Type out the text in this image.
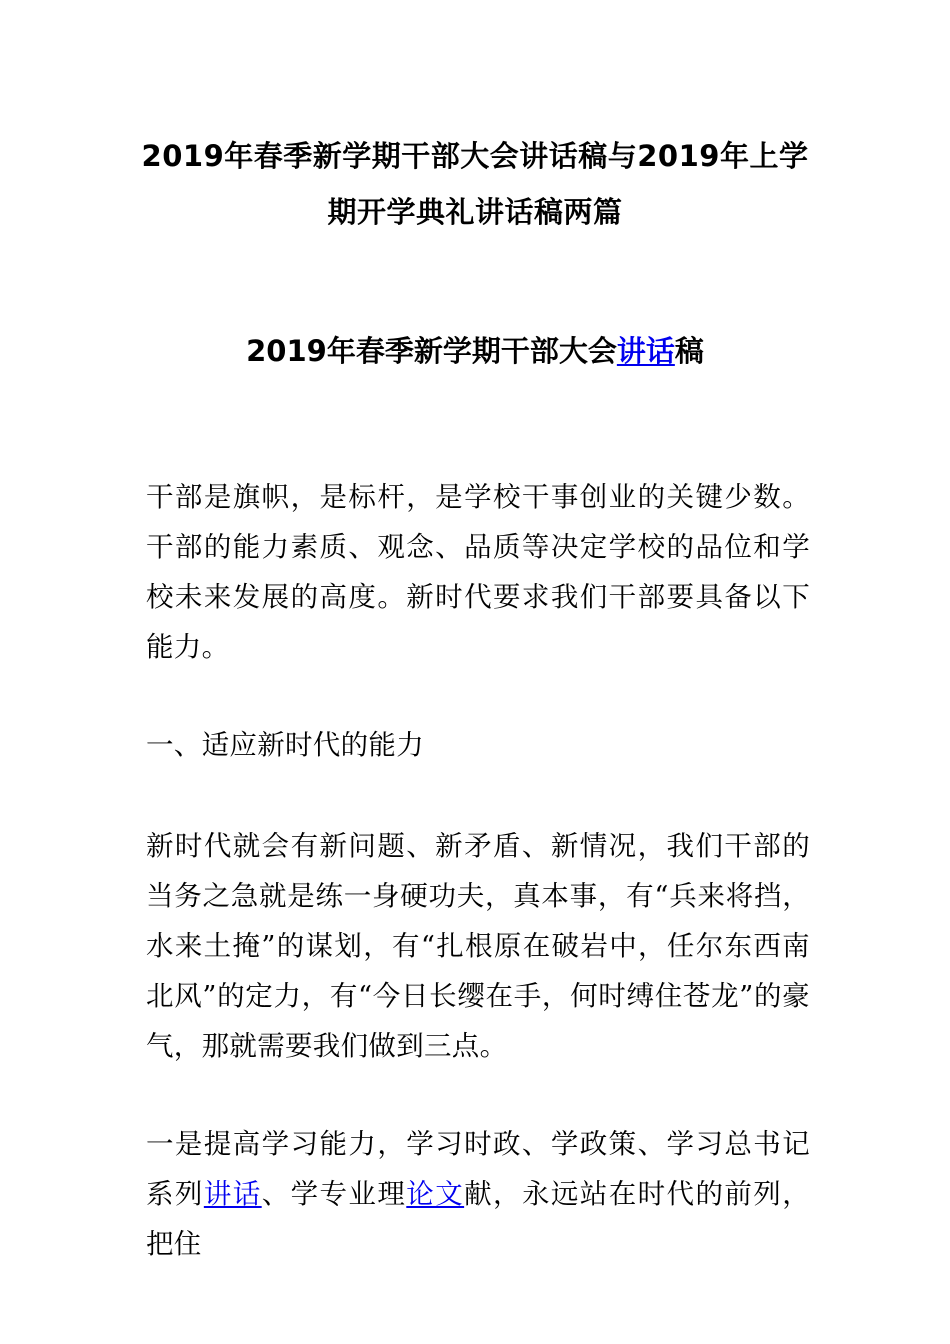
2019年春季新学期干部大会讲话稿与2019年上学
期开学典礼讲话稿两篇
2019年春季新学期干部大会讲话稿

干部是旗帜，是标杆，是学校干事创业的关键少数。干部的能力素质、观念、品质等决定学校的品位和学校未来发展的高度。新时代要求我们干部要具备以下能力。

一、适应新时代的能力

新时代就会有新问题、新矛盾、新情况，我们干部的当务之急就是练一身硬功夫，真本事，有“兵来将挡，水来土掩”的谋划，有“扎根原在破岩中，任尔东西南北风”的定力，有“今日长缨在手，何时缚住苍龙”的豪气，那就需要我们做到三点。

一是提高学习能力，学习时政、学政策、学习总书记系列讲话、学专业理论文献，永远站在时代的前列，把住
